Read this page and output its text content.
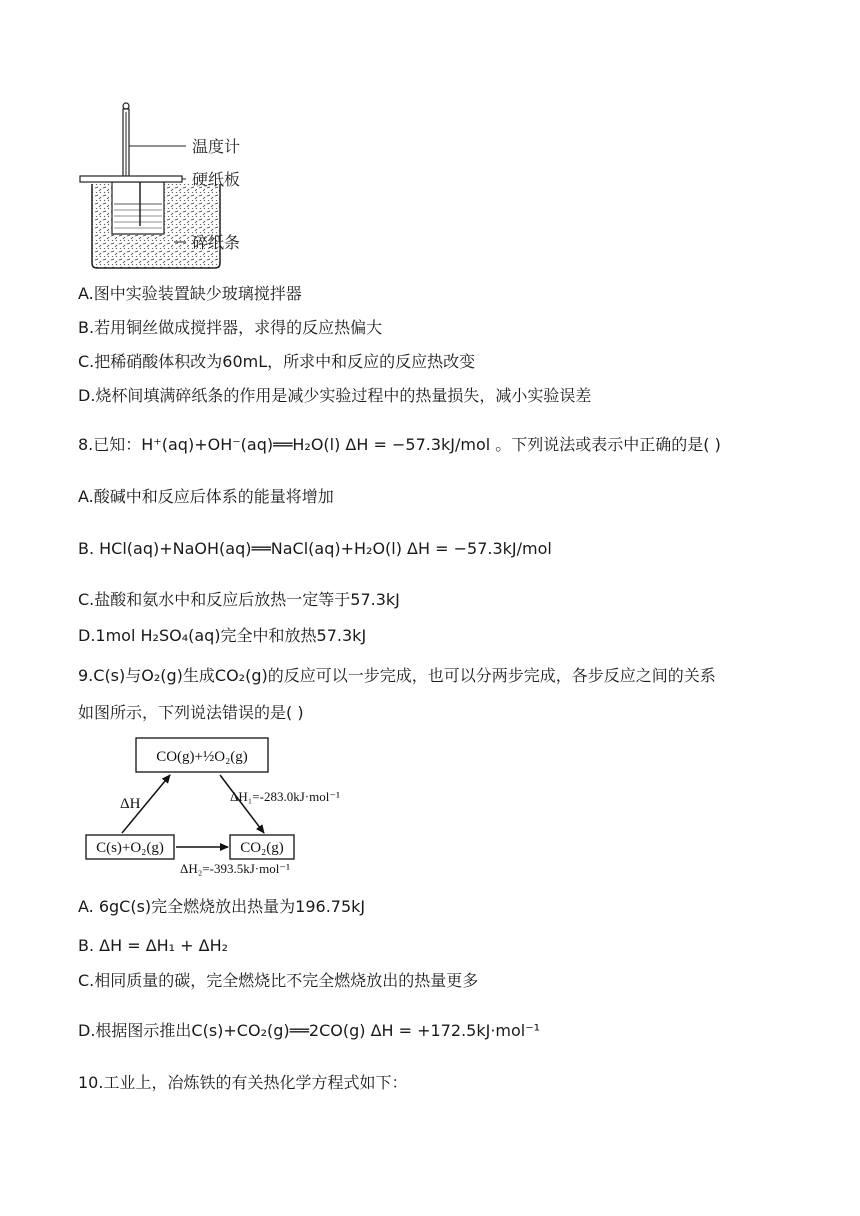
温度计
硬纸板
碎纸条
A.图中实验装置缺少玻璃搅拌器
B.若用铜丝做成搅拌器，求得的反应热偏大
C.把稀硝酸体积改为60mL，所求中和反应的反应热改变
D.烧杯间填满碎纸条的作用是减少实验过程中的热量损失，减小实验误差
8.已知：H⁺(aq)+OH⁻(aq)══H₂O(l) ΔH = −57.3kJ/mol 。下列说法或表示中正确的是( )
A.酸碱中和反应后体系的能量将增加
B. HCl(aq)+NaOH(aq)══NaCl(aq)+H₂O(l) ΔH = −57.3kJ/mol
C.盐酸和氨水中和反应后放热一定等于57.3kJ
D.1mol H₂SO₄(aq)完全中和放热57.3kJ
9.C(s)与O₂(g)生成CO₂(g)的反应可以一步完成，也可以分两步完成，各步反应之间的关系
如图所示，下列说法错误的是( )
CO(g)+½O₂(g)
C(s)+O₂(g)	CO₂(g)
ΔH	ΔH₁=-283.0kJ·mol⁻¹
ΔH₂=-393.5kJ·mol⁻¹
A. 6gC(s)完全燃烧放出热量为196.75kJ
B. ΔH = ΔH₁ + ΔH₂
C.相同质量的碳，完全燃烧比不完全燃烧放出的热量更多
D.根据图示推出C(s)+CO₂(g)══2CO(g) ΔH = +172.5kJ·mol⁻¹
10.工业上，冶炼铁的有关热化学方程式如下：
